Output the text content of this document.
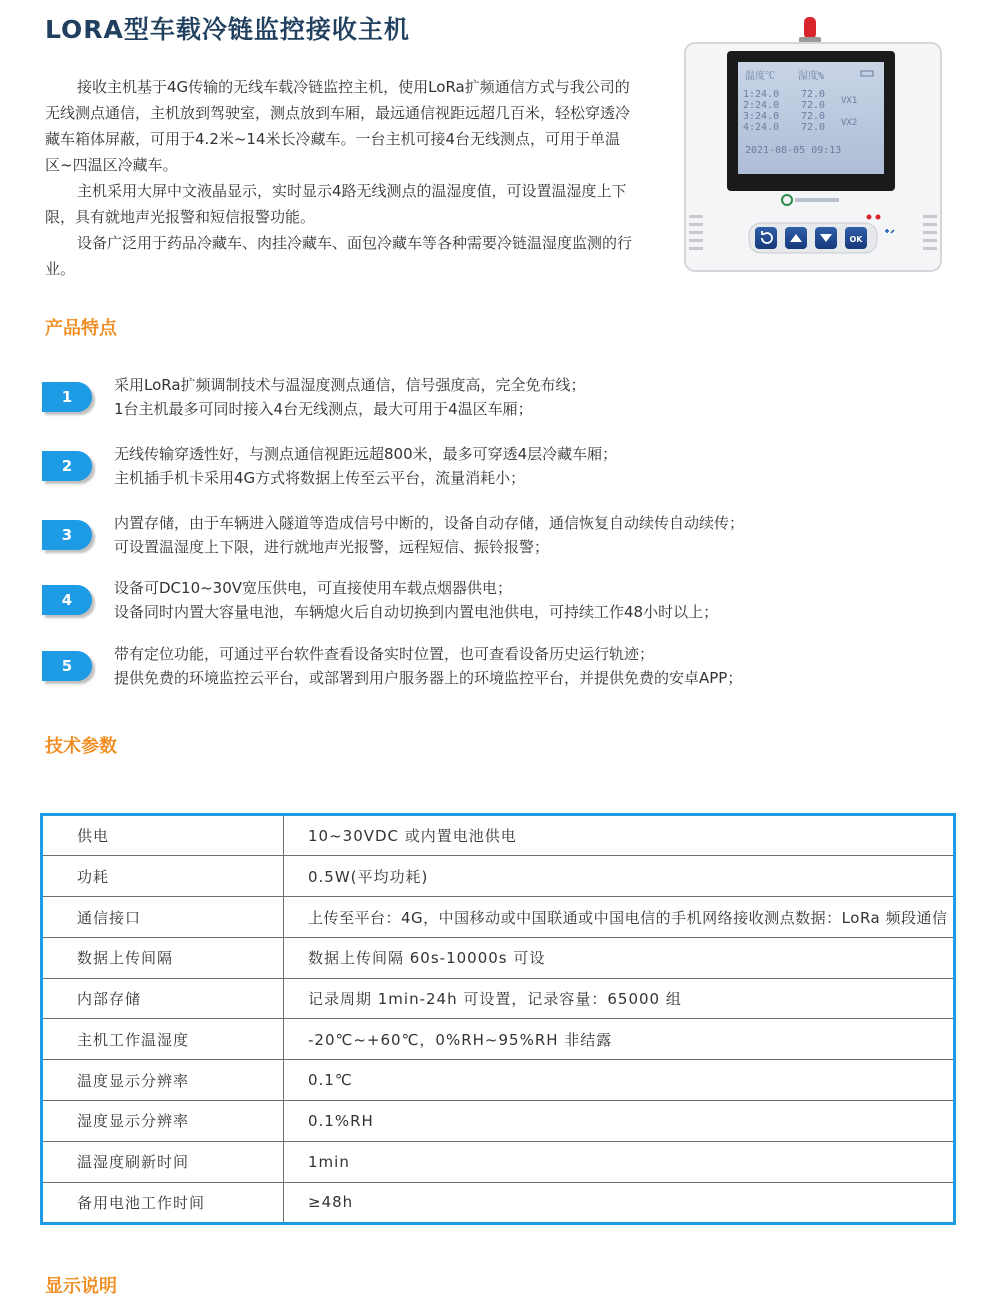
LORA型车载冷链监控接收主机

接收主机基于4G传输的无线车载冷链监控主机，使用LoRa扩频通信方式与我公司的无线测点通信，主机放到驾驶室，测点放到车厢，最远通信视距远超几百米，轻松穿透冷藏车箱体屏蔽，可用于4.2米~14米长冷藏车。一台主机可接4台无线测点，可用于单温区~四温区冷藏车。

主机采用大屏中文液晶显示，实时显示4路无线测点的温湿度值，可设置温湿度上下限，具有就地声光报警和短信报警功能。

设备广泛用于药品冷藏车、肉挂冷藏车、面包冷藏车等各种需要冷链温湿度监测的行业。

温度℃ 湿度%
1:24.0 72.0
2:24.0 72.0
3:24.0 72.0
4:24.0 72.0
VX1
VX2
2021-08-05 09:13
OK
产品特点
1
采用LoRa扩频调制技术与温湿度测点通信，信号强度高，完全免布线；
1台主机最多可同时接入4台无线测点，最大可用于4温区车厢；
2
无线传输穿透性好，与测点通信视距远超800米，最多可穿透4层冷藏车厢；
主机插手机卡采用4G方式将数据上传至云平台，流量消耗小；
3
内置存储，由于车辆进入隧道等造成信号中断的，设备自动存储，通信恢复自动续传自动续传；
可设置温湿度上下限，进行就地声光报警，远程短信、振铃报警；
4
设备可DC10~30V宽压供电，可直接使用车载点烟器供电；
设备同时内置大容量电池，车辆熄火后自动切换到内置电池供电，可持续工作48小时以上；
5
带有定位功能，可通过平台软件查看设备实时位置，也可查看设备历史运行轨迹；
提供免费的环境监控云平台，或部署到用户服务器上的环境监控平台，并提供免费的安卓APP；
技术参数
供电	10~30VDC 或内置电池供电
功耗	0.5W(平均功耗)
通信接口	上传至平台：4G，中国移动或中国联通或中国电信的手机网络接收测点数据：LoRa 频段通信
数据上传间隔	数据上传间隔 60s-10000s 可设
内部存储	记录周期 1min-24h 可设置，记录容量：65000 组
主机工作温湿度	-20℃~+60℃，0%RH~95%RH 非结露
温度显示分辨率	0.1℃
湿度显示分辨率	0.1%RH
温湿度刷新时间	1min
备用电池工作时间	≥48h
显示说明
